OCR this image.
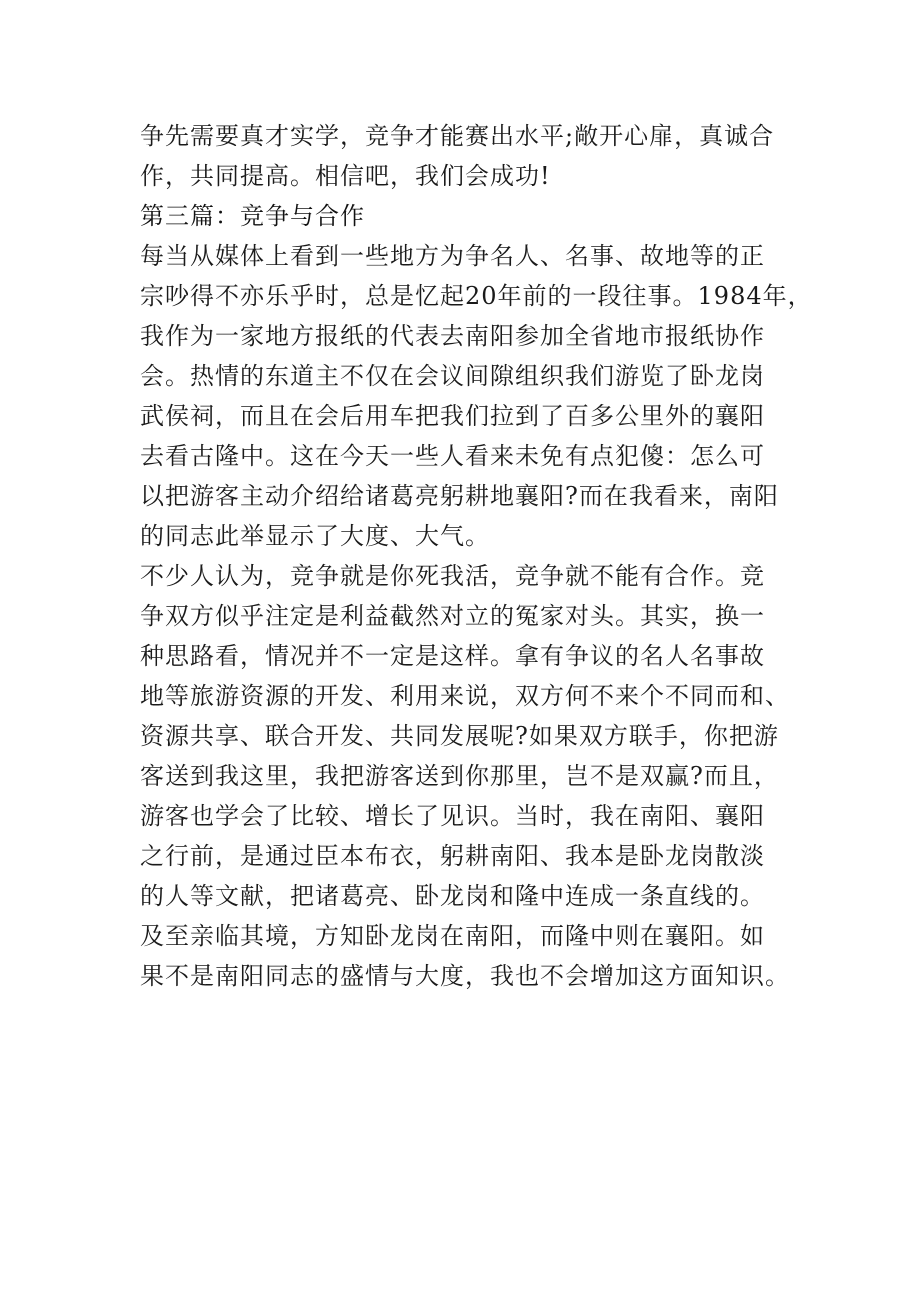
争先需要真才实学，竞争才能赛出水平;敞开心扉，真诚合
作，共同提高。相信吧，我们会成功!
第三篇：竞争与合作
每当从媒体上看到一些地方为争名人、名事、故地等的正
宗吵得不亦乐乎时，总是忆起20年前的一段往事。1984年，
我作为一家地方报纸的代表去南阳参加全省地市报纸协作
会。热情的东道主不仅在会议间隙组织我们游览了卧龙岗
武侯祠，而且在会后用车把我们拉到了百多公里外的襄阳
去看古隆中。这在今天一些人看来未免有点犯傻：怎么可
以把游客主动介绍给诸葛亮躬耕地襄阳?而在我看来，南阳
的同志此举显示了大度、大气。
不少人认为，竞争就是你死我活，竞争就不能有合作。竞
争双方似乎注定是利益截然对立的冤家对头。其实，换一
种思路看，情况并不一定是这样。拿有争议的名人名事故
地等旅游资源的开发、利用来说，双方何不来个不同而和、
资源共享、联合开发、共同发展呢?如果双方联手，你把游
客送到我这里，我把游客送到你那里，岂不是双赢?而且，
游客也学会了比较、增长了见识。当时，我在南阳、襄阳
之行前，是通过臣本布衣，躬耕南阳、我本是卧龙岗散淡
的人等文献，把诸葛亮、卧龙岗和隆中连成一条直线的。
及至亲临其境，方知卧龙岗在南阳，而隆中则在襄阳。如
果不是南阳同志的盛情与大度，我也不会增加这方面知识。
